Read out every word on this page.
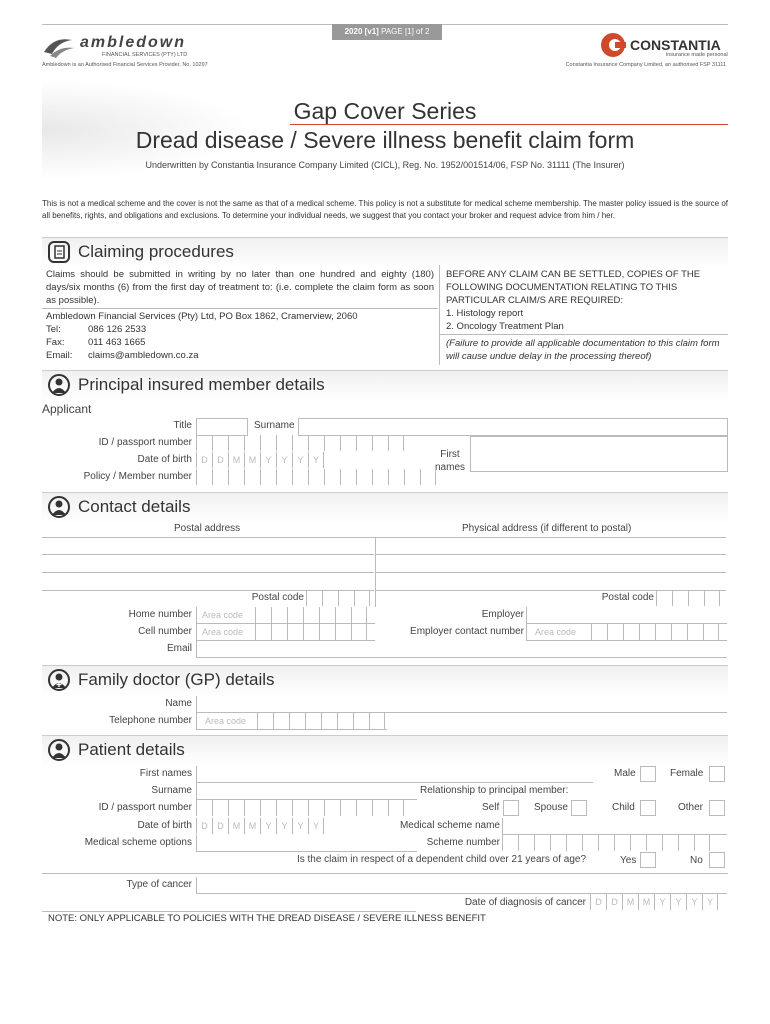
2020 [v1] PAGE [1] of 2
ambledown
FINANCIAL SERVICES (PTY) LTD
Ambledown is an Authorised Financial Services Provider, No. 10297
CONSTANTIA
insurance made personal
Constantia Insurance Company Limited, an authorised FSP 31111
Gap Cover Series
Dread disease / Severe illness benefit claim form
Underwritten by Constantia Insurance Company Limited (CICL), Reg. No. 1952/001514/06, FSP No. 31111 (The Insurer)
This is not a medical scheme and the cover is not the same as that of a medical scheme. This policy is not a substitute for medical scheme membership. The master policy issued is the source of all benefits, rights, and obligations and exclusions. To determine your individual needs, we suggest that you contact your broker and request advice from him / her.
Claiming procedures
Claims should be submitted in writing by no later than one hundred and eighty (180) days/six months (6) from the first day of treatment to: (i.e. complete the claim form as soon as possible).
Ambledown Financial Services (Pty) Ltd, PO Box 1862, Cramerview, 2060
Tel:	086 126 2533
Fax: 011 463 1665
Email: claims@ambledown.co.za
BEFORE ANY CLAIM CAN BE SETTLED, COPIES OF THE FOLLOWING DOCUMENTATION RELATING TO THIS PARTICULAR CLAIM/S ARE REQUIRED:
1. Histology report
2. Oncology Treatment Plan
(Failure to provide all applicable documentation to this claim form will cause undue delay in the processing thereof)
Principal insured member details
Applicant
Title	Surname
ID / passport number
Date of birth	D	D	M M	Y	Y	Y	Y	First names
Policy / Member number
Contact details
Postal address	Physical address (if different to postal)
Postal code	Postal code
Home number Area code	Employer
Cell number Area code	Employer contact number Area code
Email
Family doctor (GP) details
Name
Telephone number Area code
Patient details
First names	Male	Female
Surname	Relationship to principal member:
ID / passport number	Self	Spouse	Child	Other
Date of birth	D	D	M M	Y	Y	Y	Y	Medical scheme name
Medical scheme options	Scheme number
Is the claim in respect of a dependent child over 21 years of age?	Yes	No
Type of cancer
Date of diagnosis of cancer	D	D	M M	Y	Y	Y	Y
NOTE: ONLY APPLICABLE TO POLICIES WITH THE DREAD DISEASE / SEVERE ILLNESS BENEFIT
